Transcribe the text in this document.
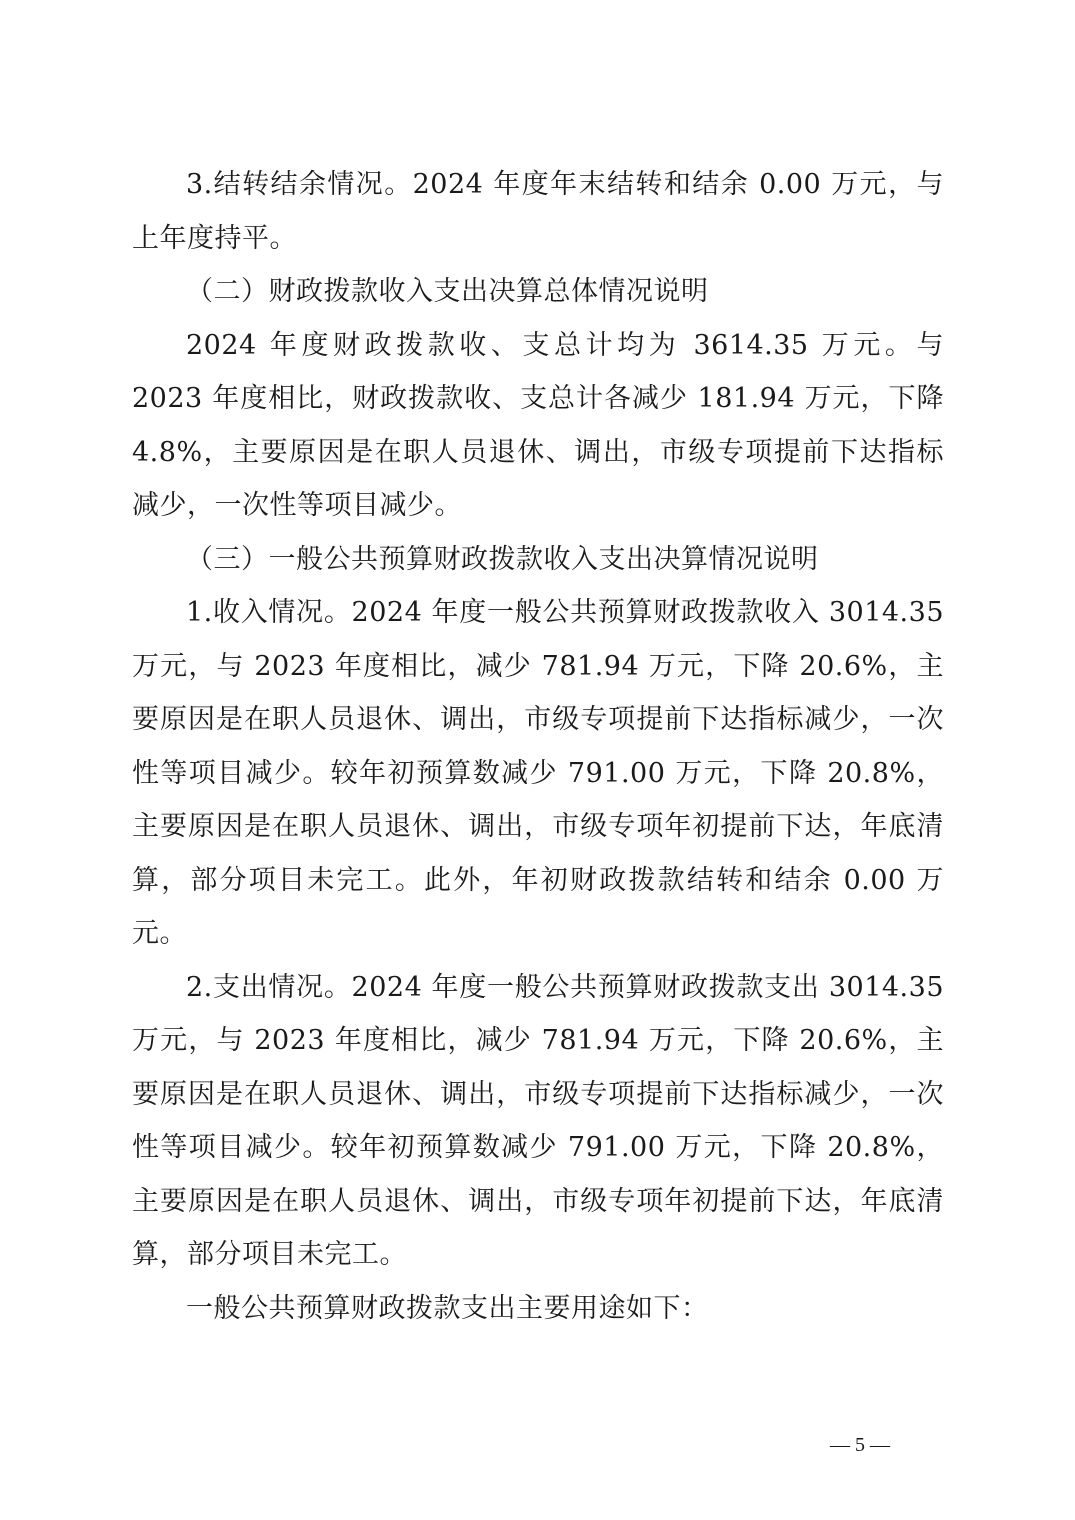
3.结转结余情况。2024 年度年末结转和结余 0.00 万元，与上年度持平。

（二）财政拨款收入支出决算总体情况说明

2024 年度财政拨款收、支总计均为 3614.35 万元。与 2023 年度相比，财政拨款收、支总计各减少 181.94 万元，下降 4.8%，主要原因是在职人员退休、调出，市级专项提前下达指标减少，一次性等项目减少。

（三）一般公共预算财政拨款收入支出决算情况说明

1.收入情况。2024 年度一般公共预算财政拨款收入 3014.35 万元，与 2023 年度相比，减少 781.94 万元，下降 20.6%，主要原因是在职人员退休、调出，市级专项提前下达指标减少，一次性等项目减少。较年初预算数减少 791.00 万元，下降 20.8%，主要原因是在职人员退休、调出，市级专项年初提前下达，年底清算，部分项目未完工。此外，年初财政拨款结转和结余 0.00 万元。

2.支出情况。2024 年度一般公共预算财政拨款支出 3014.35 万元，与 2023 年度相比，减少 781.94 万元，下降 20.6%，主要原因是在职人员退休、调出，市级专项提前下达指标减少，一次性等项目减少。较年初预算数减少 791.00 万元，下降 20.8%，主要原因是在职人员退休、调出，市级专项年初提前下达，年底清算，部分项目未完工。

一般公共预算财政拨款支出主要用途如下：

— 5 —
